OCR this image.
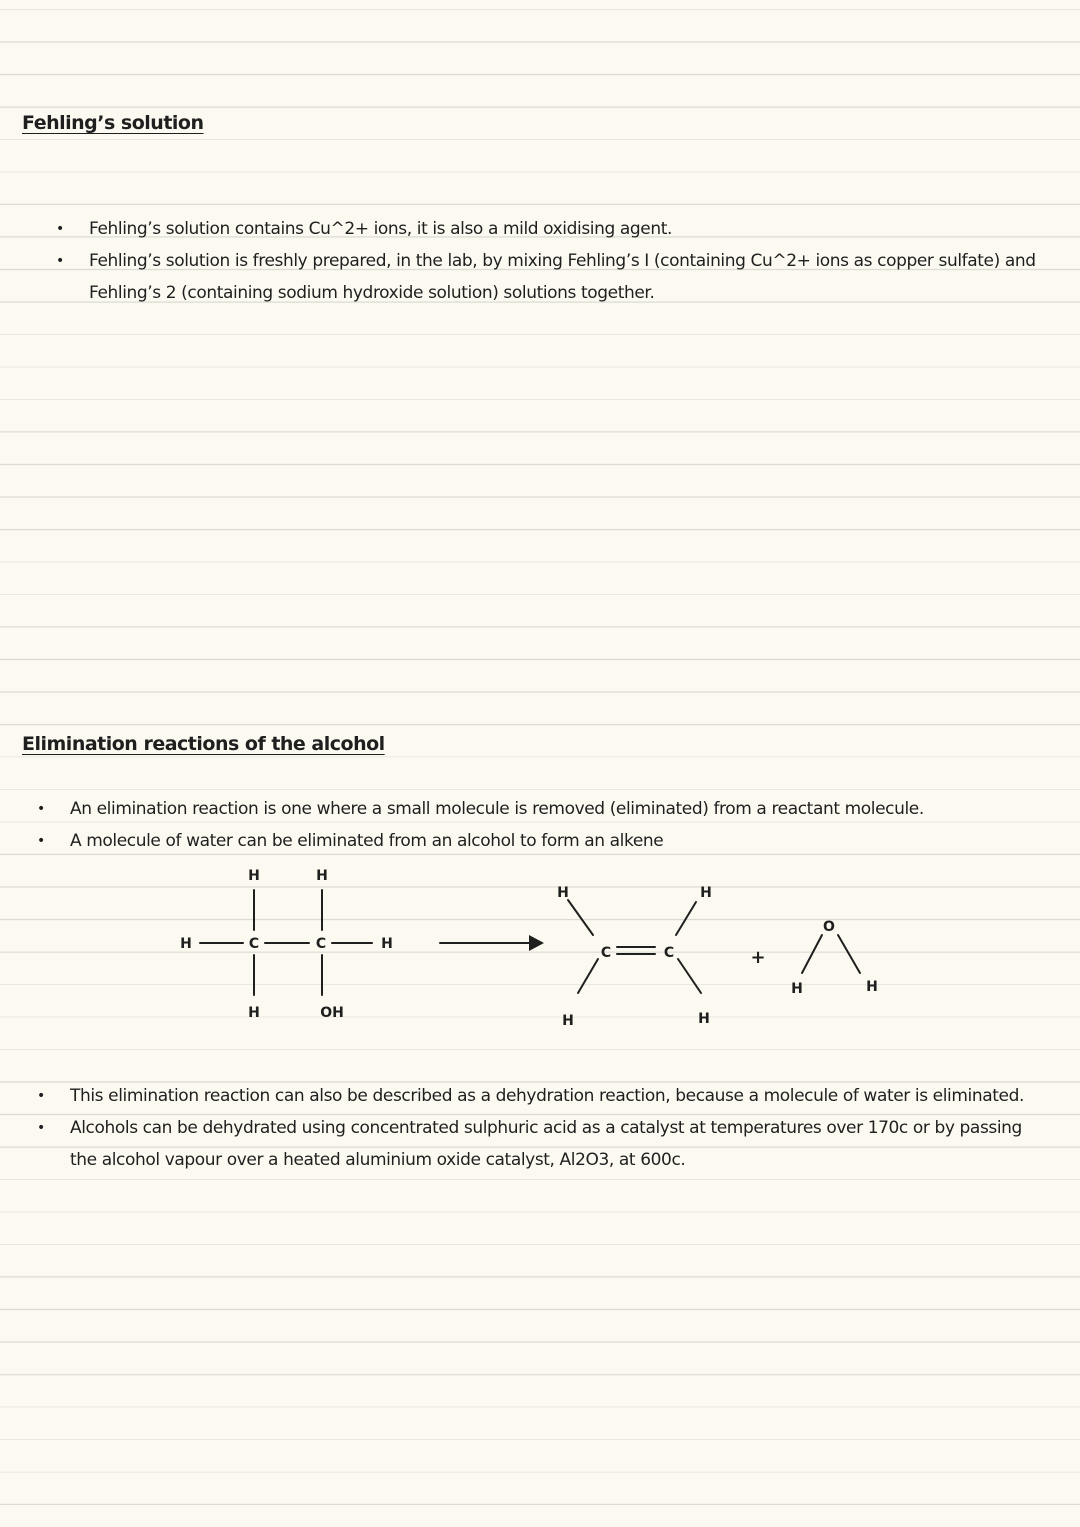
Fehling’s solution
• Fehling’s solution contains Cu^2+ ions, it is also a mild oxidising agent.
• Fehling’s solution is freshly prepared, in the lab, by mixing Fehling’s I (containing Cu^2+ ions as copper sulfate) and Fehling’s 2 (containing sodium hydroxide solution) solutions together.
Elimination reactions of the alcohol
• An elimination reaction is one where a small molecule is removed (eliminated) from a reactant molecule.
• A molecule of water can be eliminated from an alcohol to form an alkene
H	C	C	H
H	H
H	OH
H
C	C
H
H	H
+
O
H	H
• This elimination reaction can also be described as a dehydration reaction, because a molecule of water is eliminated.
• Alcohols can be dehydrated using concentrated sulphuric acid as a catalyst at temperatures over 170c or by passing the alcohol vapour over a heated aluminium oxide catalyst, Al2O3, at 600c.
